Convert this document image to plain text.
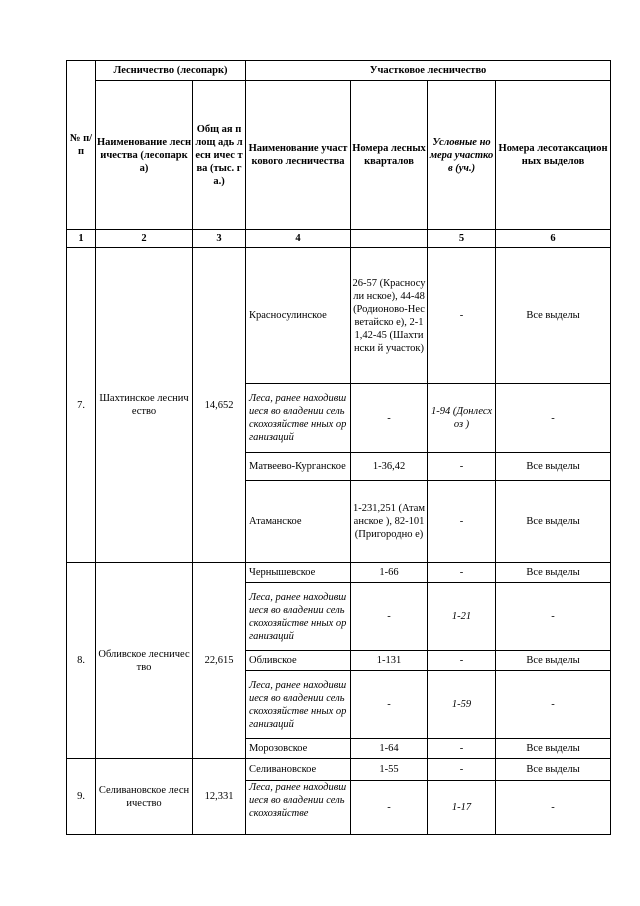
№ п/п	Лесничество (лесопарк)		Участковое лесничество			
	Наименование лесничества (лесопарка)	Общ ая площ адь лесн ичес тва (тыс. га.)	Наименование участкового лесничества	Номера лесных кварталов	Условные номера участков (уч.)	Номера лесотаксационных выделов
1	2	3	4		5	6
7.	Шахтинское лесничество	14,652	Красносулинское	26-57 (Красносули нское), 44-48 (Родионово-Несветайско е), 2-11,42-45 (Шахтински й участок)	-	Все выделы
			Леса, ранее находившиеся во владении сельскохозяйстве нных организаций	-	1-94 (Донлесхоз )	-
			Матвеево-Курганское	1-36,42	-	Все выделы
			Атаманское	1-231,251 (Атаманское ), 82-101 (Пригородно е)	-	Все выделы
8.	Обливское лесничество	22,615	Чернышевское	1-66	-	Все выделы
			Леса, ранее находившиеся во владении сельскохозяйстве нных организаций	-	1-21	-
			Обливское	1-131	-	Все выделы
			Леса, ранее находившиеся во владении сельскохозяйстве нных организаций	-	1-59	-
			Морозовское	1-64	-	Все выделы
9.	Селивановское лесничество	12,331	Селивановское	1-55	-	Все выделы
			Леса, ранее находившиеся во владении сельскохозяйстве	-	1-17	-
